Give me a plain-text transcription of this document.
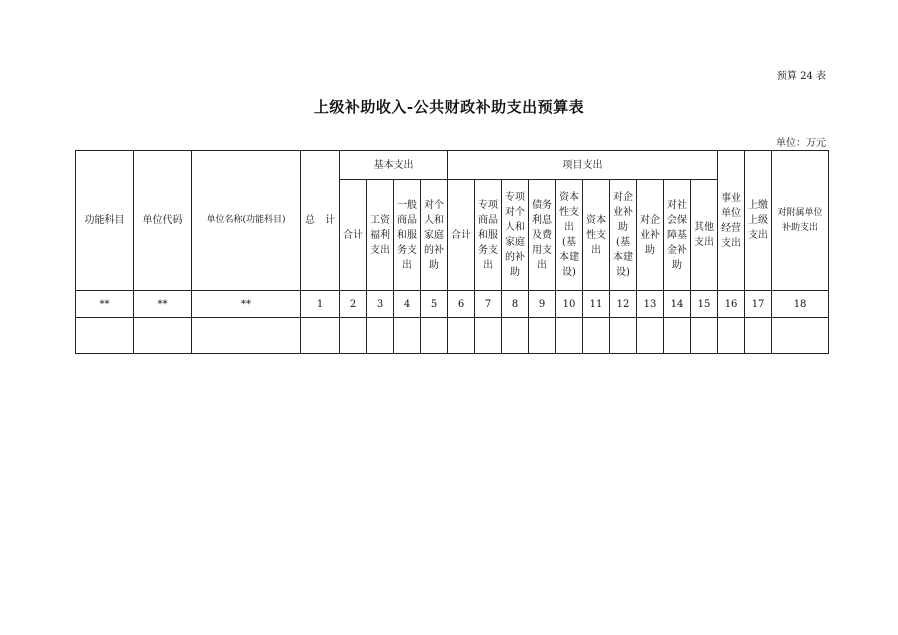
预算 24 表
上级补助收入-公共财政补助支出预算表
单位：万元
功能科目	单位代码	单位名称(功能科目)	总　计	基本支出				项目支出										事业单位经营支出	上缴上级支出	对附属单位补助支出
				合计	工资福利支出	一般商品和服务支出	对个人和家庭的补助	合计	专项商品和服务支出	专项对个人和家庭的补助	债务利息及费用支出	资本性支出(基本建设)	资本性支出	对企业补助(基本建设)	对企业补助	对社会保障基金补助	其他支出			
**	**	**	1	2	3	4	5	6	7	8	9	10	11	12	13	14	15	16	17	18
